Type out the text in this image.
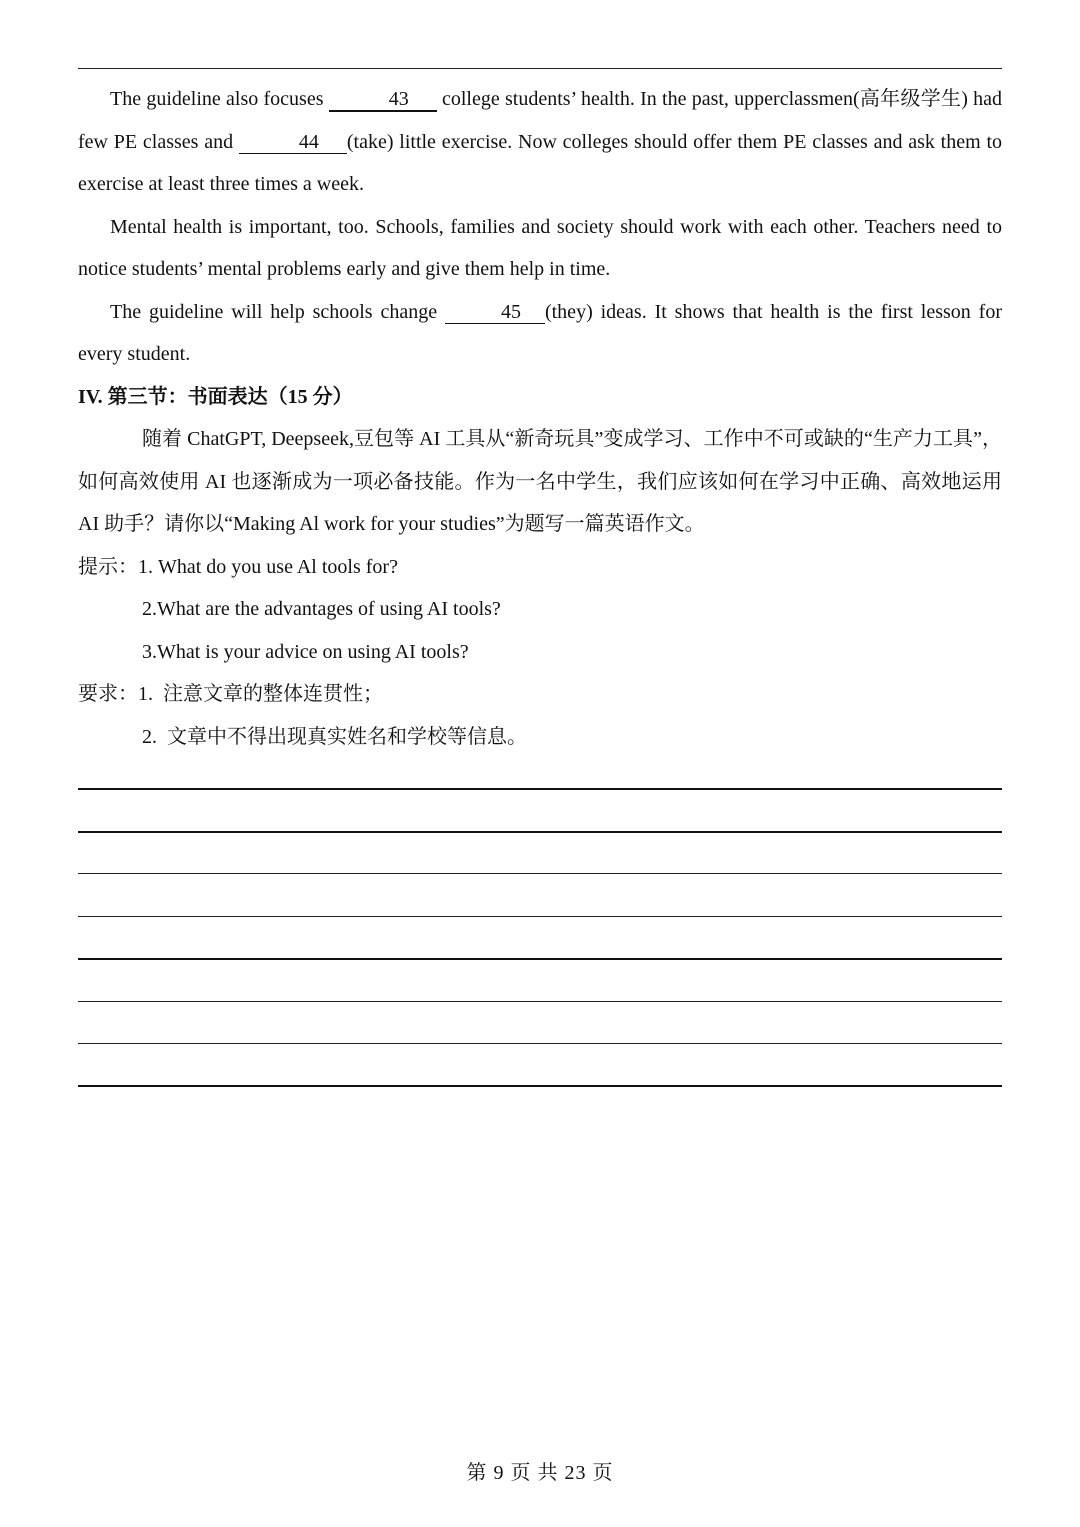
The guideline also focuses	43 college students’ health. In the past, upperclassmen(高年级学生) had few PE classes and	44 (take) little exercise. Now colleges should offer them PE classes and ask them to exercise at least three times a week.

Mental health is important, too. Schools, families and society should work with each other. Teachers need to notice students’ mental problems early and give them help in time.

The guideline will help schools change	45 (they) ideas. It shows that health is the first lesson for every student.

IV. 第三节：书面表达（15 分）

随着 ChatGPT, Deepseek,豆包等 AI 工具从“新奇玩具”变成学习、工作中不可或缺的“生产力工具”，如何高效使用 AI 也逐渐成为一项必备技能。作为一名中学生，我们应该如何在学习中正确、高效地运用 AI 助手？请你以“Making Al work for your studies”为题写一篇英语作文。

提示：1. What do you use Al tools for?

2.What are the advantages of using AI tools?

3.What is your advice on using AI tools?

要求：1.  注意文章的整体连贯性；

2.  文章中不得出现真实姓名和学校等信息。

第 9 页 共 23 页
